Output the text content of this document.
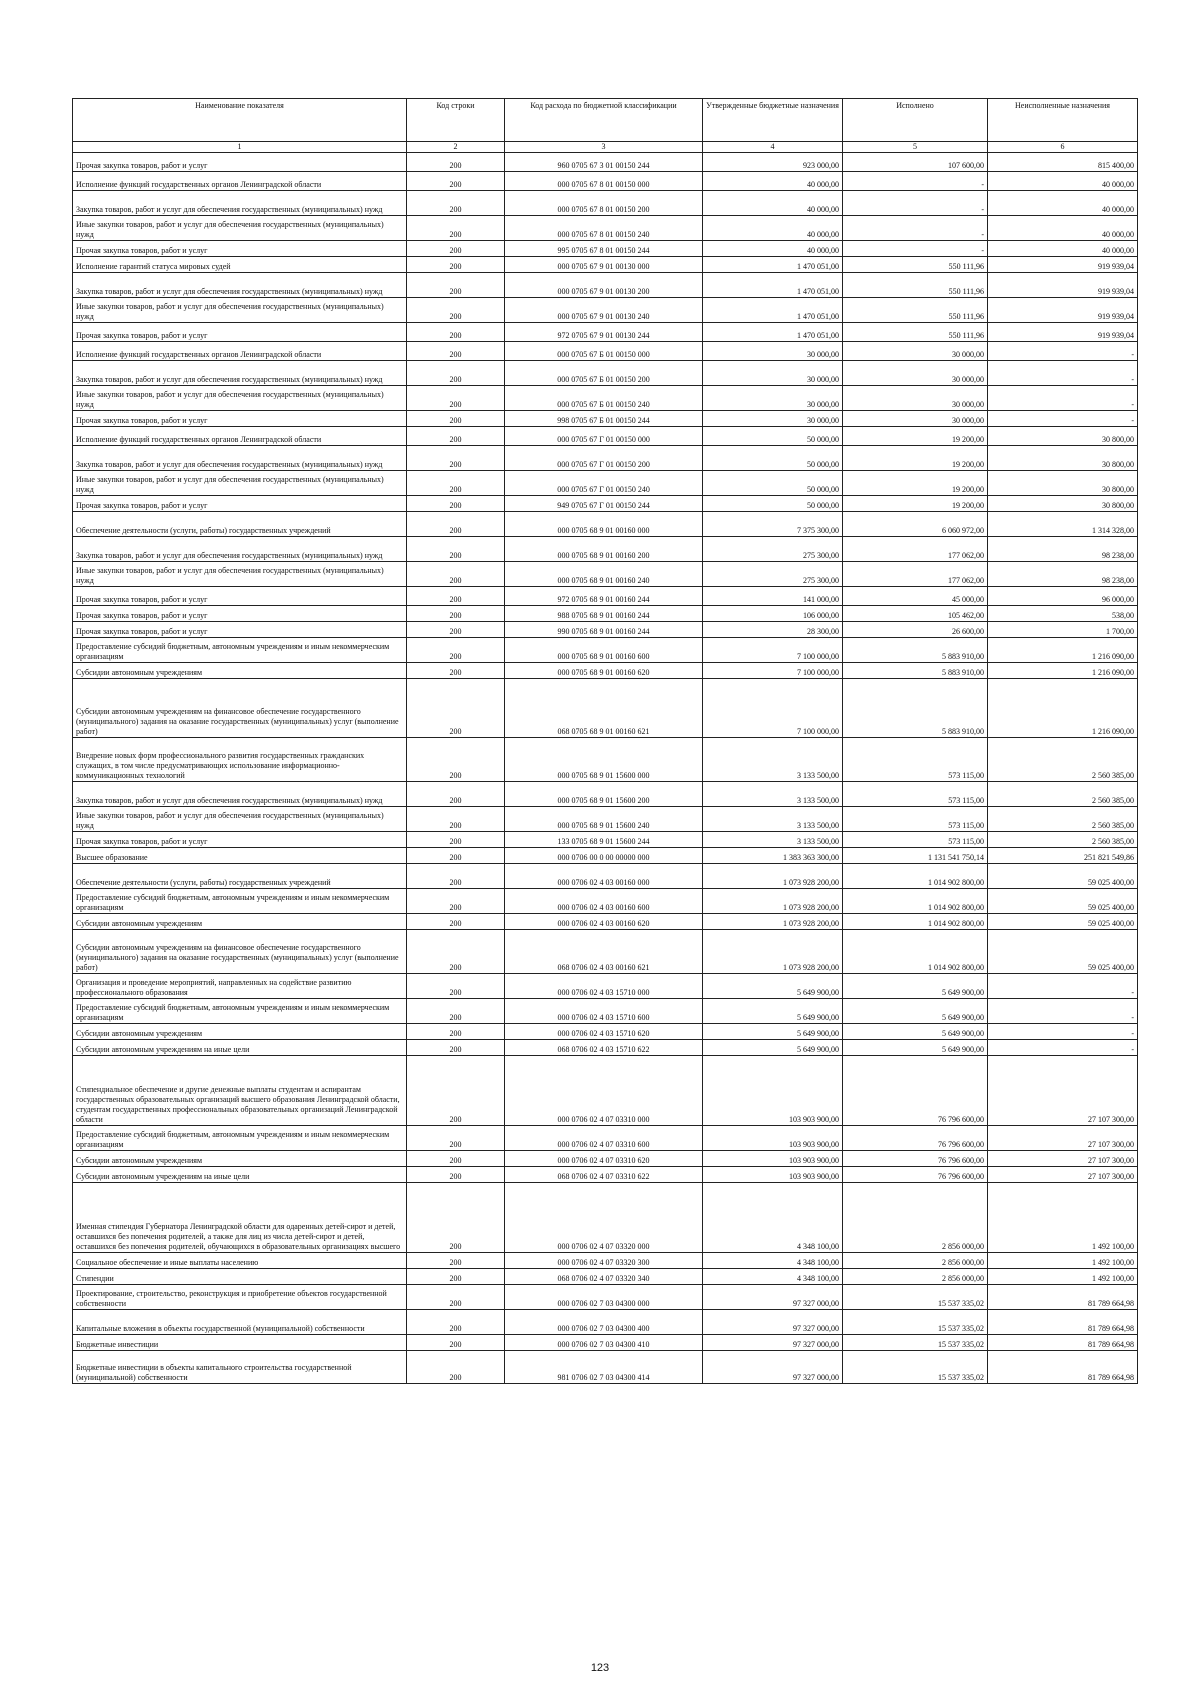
Наименование показателя	Код строки	Код расхода по бюджетной классификации	Утвержденные бюджетные назначения	Исполнено	Неисполненные назначения
1	2	3	4	5	6
Прочая закупка товаров, работ и услуг	200	960 0705 67 3 01 00150 244	923 000,00	107 600,00	815 400,00
Исполнение функций государственных органов Ленинградской области	200	000 0705 67 8 01 00150 000	40 000,00	-	40 000,00
Закупка товаров, работ и услуг для обеспечения государственных (муниципальных) нужд	200	000 0705 67 8 01 00150 200	40 000,00	-	40 000,00
Иные закупки товаров, работ и услуг для обеспечения государственных (муниципальных) нужд	200	000 0705 67 8 01 00150 240	40 000,00	-	40 000,00
Прочая закупка товаров, работ и услуг	200	995 0705 67 8 01 00150 244	40 000,00	-	40 000,00
Исполнение гарантий статуса мировых судей	200	000 0705 67 9 01 00130 000	1 470 051,00	550 111,96	919 939,04
Закупка товаров, работ и услуг для обеспечения государственных (муниципальных) нужд	200	000 0705 67 9 01 00130 200	1 470 051,00	550 111,96	919 939,04
Иные закупки товаров, работ и услуг для обеспечения государственных (муниципальных) нужд	200	000 0705 67 9 01 00130 240	1 470 051,00	550 111,96	919 939,04
Прочая закупка товаров, работ и услуг	200	972 0705 67 9 01 00130 244	1 470 051,00	550 111,96	919 939,04
Исполнение функций государственных органов Ленинградской области	200	000 0705 67 Б 01 00150 000	30 000,00	30 000,00	-
Закупка товаров, работ и услуг для обеспечения государственных (муниципальных) нужд	200	000 0705 67 Б 01 00150 200	30 000,00	30 000,00	-
Иные закупки товаров, работ и услуг для обеспечения государственных (муниципальных) нужд	200	000 0705 67 Б 01 00150 240	30 000,00	30 000,00	-
Прочая закупка товаров, работ и услуг	200	998 0705 67 Б 01 00150 244	30 000,00	30 000,00	-
Исполнение функций государственных органов Ленинградской области	200	000 0705 67 Г 01 00150 000	50 000,00	19 200,00	30 800,00
Закупка товаров, работ и услуг для обеспечения государственных (муниципальных) нужд	200	000 0705 67 Г 01 00150 200	50 000,00	19 200,00	30 800,00
Иные закупки товаров, работ и услуг для обеспечения государственных (муниципальных) нужд	200	000 0705 67 Г 01 00150 240	50 000,00	19 200,00	30 800,00
Прочая закупка товаров, работ и услуг	200	949 0705 67 Г 01 00150 244	50 000,00	19 200,00	30 800,00
Обеспечение деятельности (услуги, работы) государственных учреждений	200	000 0705 68 9 01 00160 000	7 375 300,00	6 060 972,00	1 314 328,00
Закупка товаров, работ и услуг для обеспечения государственных (муниципальных) нужд	200	000 0705 68 9 01 00160 200	275 300,00	177 062,00	98 238,00
Иные закупки товаров, работ и услуг для обеспечения государственных (муниципальных) нужд	200	000 0705 68 9 01 00160 240	275 300,00	177 062,00	98 238,00
Прочая закупка товаров, работ и услуг	200	972 0705 68 9 01 00160 244	141 000,00	45 000,00	96 000,00
Прочая закупка товаров, работ и услуг	200	988 0705 68 9 01 00160 244	106 000,00	105 462,00	538,00
Прочая закупка товаров, работ и услуг	200	990 0705 68 9 01 00160 244	28 300,00	26 600,00	1 700,00
Предоставление субсидий бюджетным, автономным учреждениям и иным некоммерческим организациям	200	000 0705 68 9 01 00160 600	7 100 000,00	5 883 910,00	1 216 090,00
Субсидии автономным учреждениям	200	000 0705 68 9 01 00160 620	7 100 000,00	5 883 910,00	1 216 090,00
Субсидии автономным учреждениям на финансовое обеспечение государственного (муниципального) задания на оказание государственных (муниципальных) услуг (выполнение работ)	200	068 0705 68 9 01 00160 621	7 100 000,00	5 883 910,00	1 216 090,00
Внедрение новых форм профессионального развития государственных гражданских служащих, в том числе предусматривающих использование информационно-коммуникационных технологий	200	000 0705 68 9 01 15600 000	3 133 500,00	573 115,00	2 560 385,00
Закупка товаров, работ и услуг для обеспечения государственных (муниципальных) нужд	200	000 0705 68 9 01 15600 200	3 133 500,00	573 115,00	2 560 385,00
Иные закупки товаров, работ и услуг для обеспечения государственных (муниципальных) нужд	200	000 0705 68 9 01 15600 240	3 133 500,00	573 115,00	2 560 385,00
Прочая закупка товаров, работ и услуг	200	133 0705 68 9 01 15600 244	3 133 500,00	573 115,00	2 560 385,00
Высшее образование	200	000 0706 00 0 00 00000 000	1 383 363 300,00	1 131 541 750,14	251 821 549,86
Обеспечение деятельности (услуги, работы) государственных учреждений	200	000 0706 02 4 03 00160 000	1 073 928 200,00	1 014 902 800,00	59 025 400,00
Предоставление субсидий бюджетным, автономным учреждениям и иным некоммерческим организациям	200	000 0706 02 4 03 00160 600	1 073 928 200,00	1 014 902 800,00	59 025 400,00
Субсидии автономным учреждениям	200	000 0706 02 4 03 00160 620	1 073 928 200,00	1 014 902 800,00	59 025 400,00
Субсидии автономным учреждениям на финансовое обеспечение государственного (муниципального) задания на оказание государственных (муниципальных) услуг (выполнение работ)	200	068 0706 02 4 03 00160 621	1 073 928 200,00	1 014 902 800,00	59 025 400,00
Организация и проведение мероприятий, направленных на содействие развитию профессионального образования	200	000 0706 02 4 03 15710 000	5 649 900,00	5 649 900,00	-
Предоставление субсидий бюджетным, автономным учреждениям и иным некоммерческим организациям	200	000 0706 02 4 03 15710 600	5 649 900,00	5 649 900,00	-
Субсидии автономным учреждениям	200	000 0706 02 4 03 15710 620	5 649 900,00	5 649 900,00	-
Субсидии автономным учреждениям на иные цели	200	068 0706 02 4 03 15710 622	5 649 900,00	5 649 900,00	-
Стипендиальное обеспечение и другие денежные выплаты студентам и аспирантам государственных образовательных организаций высшего образования Ленинградской области, студентам государственных профессиональных образовательных организаций Ленинградской области	200	000 0706 02 4 07 03310 000	103 903 900,00	76 796 600,00	27 107 300,00
Предоставление субсидий бюджетным, автономным учреждениям и иным некоммерческим организациям	200	000 0706 02 4 07 03310 600	103 903 900,00	76 796 600,00	27 107 300,00
Субсидии автономным учреждениям	200	000 0706 02 4 07 03310 620	103 903 900,00	76 796 600,00	27 107 300,00
Субсидии автономным учреждениям на иные цели	200	068 0706 02 4 07 03310 622	103 903 900,00	76 796 600,00	27 107 300,00
Именная стипендия Губернатора Ленинградской области для одаренных детей-сирот и детей, оставшихся без попечения родителей, а также для лиц из числа детей-сирот и детей, оставшихся без попечения родителей, обучающихся в образовательных организациях высшего	200	000 0706 02 4 07 03320 000	4 348 100,00	2 856 000,00	1 492 100,00
Социальное обеспечение и иные выплаты населению	200	000 0706 02 4 07 03320 300	4 348 100,00	2 856 000,00	1 492 100,00
Стипендии	200	068 0706 02 4 07 03320 340	4 348 100,00	2 856 000,00	1 492 100,00
Проектирование, строительство, реконструкция и приобретение объектов государственной собственности	200	000 0706 02 7 03 04300 000	97 327 000,00	15 537 335,02	81 789 664,98
Капитальные вложения в объекты государственной (муниципальной) собственности	200	000 0706 02 7 03 04300 400	97 327 000,00	15 537 335,02	81 789 664,98
Бюджетные инвестиции	200	000 0706 02 7 03 04300 410	97 327 000,00	15 537 335,02	81 789 664,98
Бюджетные инвестиции в объекты капитального строительства государственной (муниципальной) собственности	200	981 0706 02 7 03 04300 414	97 327 000,00	15 537 335,02	81 789 664,98
123
